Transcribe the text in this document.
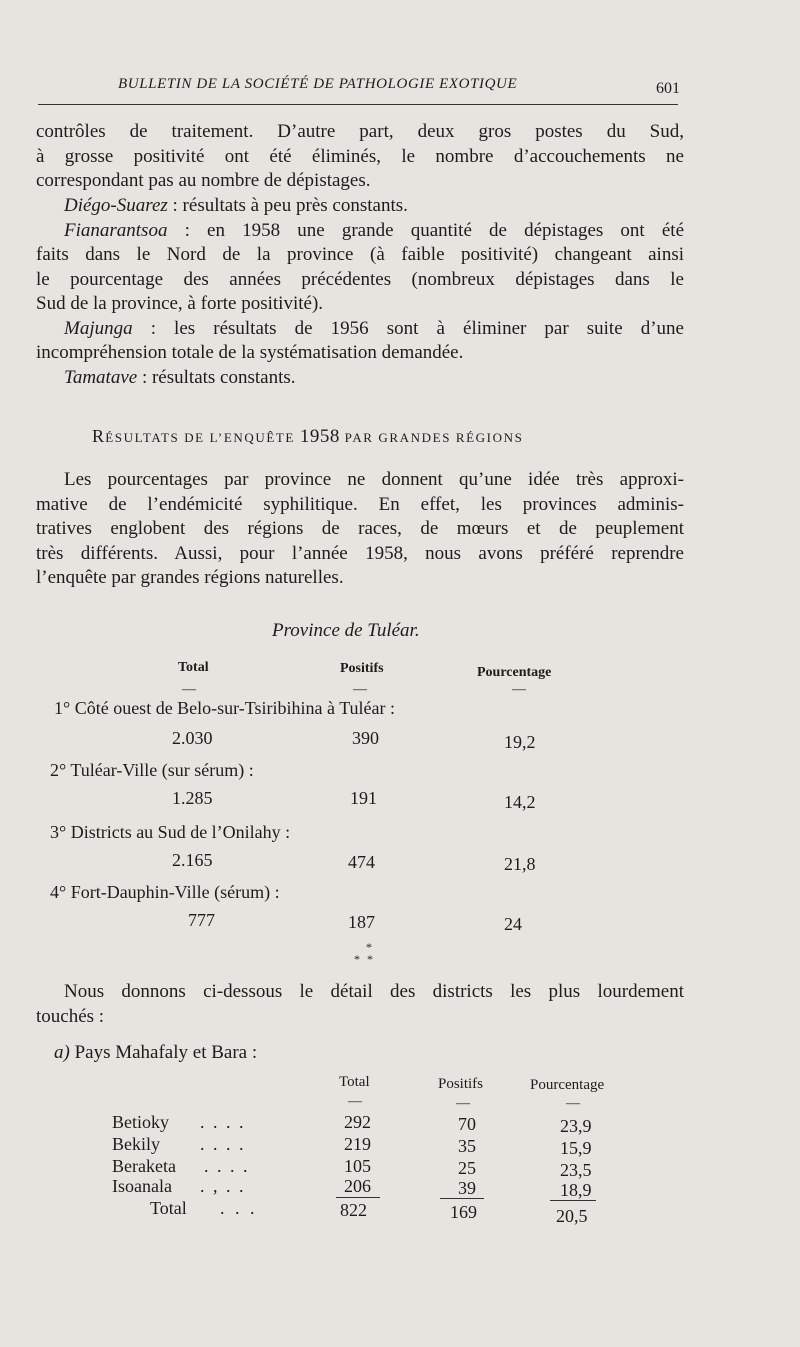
BULLETIN DE LA SOCIÉTÉ DE PATHOLOGIE EXOTIQUE	601
contrôles de traitement. D’autre part, deux gros postes du Sud,
à grosse positivité ont été éliminés, le nombre d’accouchements ne
correspondant pas au nombre de dépistages.
Diégo-Suarez : résultats à peu près constants.
Fianarantsoa : en 1958 une grande quantité de dépistages ont été
faits dans le Nord de la province (à faible positivité) changeant ainsi
le pourcentage des années précédentes (nombreux dépistages dans le
Sud de la province, à forte positivité).
Majunga : les résultats de 1956 sont à éliminer par suite d’une
incompréhension totale de la systématisation demandée.
Tamatave : résultats constants.
RÉSULTATS DE L’ENQUÊTE 1958 PAR GRANDES RÉGIONS
Les pourcentages par province ne donnent qu’une idée très approxi-
mative de l’endémicité syphilitique. En effet, les provinces adminis-
tratives englobent des régions de races, de mœurs et de peuplement
très différents. Aussi, pour l’année 1958, nous avons préféré reprendre
l’enquête par grandes régions naturelles.
Province de Tuléar.
Total	Positifs	Pourcentage
—	—	—
1° Côté ouest de Belo-sur-Tsiribihina à Tuléar :
2.030	390	19,2
2° Tuléar-Ville (sur sérum) :
1.285	191	14,2
3° Districts au Sud de l’Onilahy :
2.165	474	21,8
4° Fort-Dauphin-Ville (sérum) :
777	187	24
*
* *
Nous donnons ci-dessous le détail des districts les plus lourdement
touchés :
a) Pays Mahafaly et Bara :
Total	Positifs	Pourcentage
—	—	—
Betioky . . . .	292	70	23,9
Bekily . . . .	219	35	15,9
Beraketa . . . .	105	25	23,5
Isoanala . , . .	206	39	18,9
Total . . .	822	169	20,5
